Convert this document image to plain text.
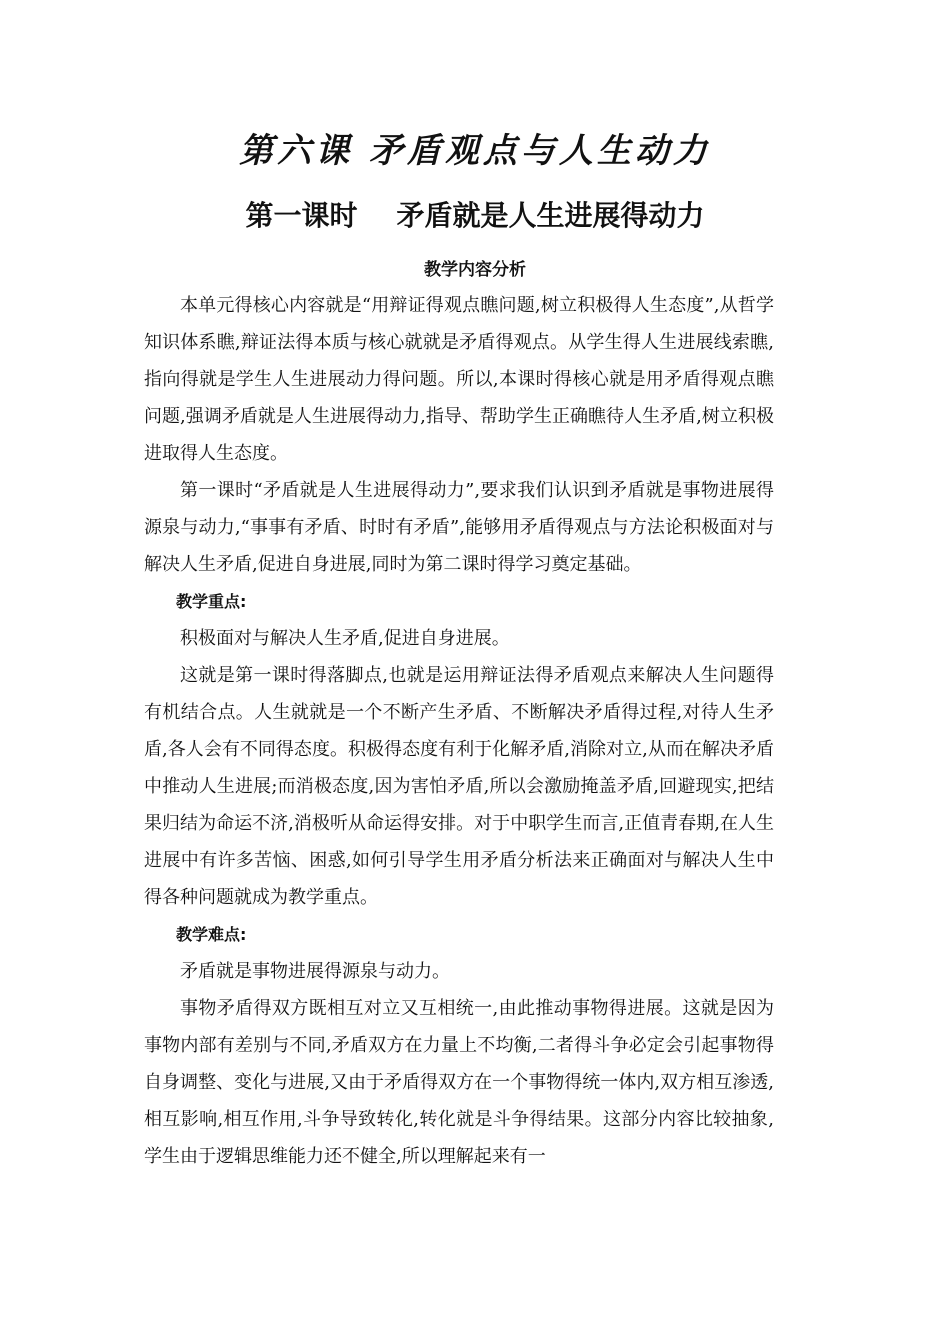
第六课 矛盾观点与人生动力
第一课时    矛盾就是人生进展得动力
教学内容分析

本单元得核心内容就是“用辩证得观点瞧问题,树立积极得人生态度”,从哲学知识体系瞧,辩证法得本质与核心就就是矛盾得观点。从学生得人生进展线索瞧,指向得就是学生人生进展动力得问题。所以,本课时得核心就是用矛盾得观点瞧问题,强调矛盾就是人生进展得动力,指导、帮助学生正确瞧待人生矛盾,树立积极进取得人生态度。

第一课时“矛盾就是人生进展得动力”,要求我们认识到矛盾就是事物进展得源泉与动力,“事事有矛盾、时时有矛盾”,能够用矛盾得观点与方法论积极面对与解决人生矛盾,促进自身进展,同时为第二课时得学习奠定基础。

教学重点:

积极面对与解决人生矛盾,促进自身进展。

这就是第一课时得落脚点,也就是运用辩证法得矛盾观点来解决人生问题得有机结合点。人生就就是一个不断产生矛盾、不断解决矛盾得过程,对待人生矛盾,各人会有不同得态度。积极得态度有利于化解矛盾,消除对立,从而在解决矛盾中推动人生进展;而消极态度,因为害怕矛盾,所以会激励掩盖矛盾,回避现实,把结果归结为命运不济,消极听从命运得安排。对于中职学生而言,正值青春期,在人生进展中有许多苦恼、困惑,如何引导学生用矛盾分析法来正确面对与解决人生中得各种问题就成为教学重点。

教学难点:

矛盾就是事物进展得源泉与动力。

事物矛盾得双方既相互对立又互相统一,由此推动事物得进展。这就是因为事物内部有差别与不同,矛盾双方在力量上不均衡,二者得斗争必定会引起事物得自身调整、变化与进展,又由于矛盾得双方在一个事物得统一体内,双方相互渗透,相互影响,相互作用,斗争导致转化,转化就是斗争得结果。这部分内容比较抽象,学生由于逻辑思维能力还不健全,所以理解起来有一
